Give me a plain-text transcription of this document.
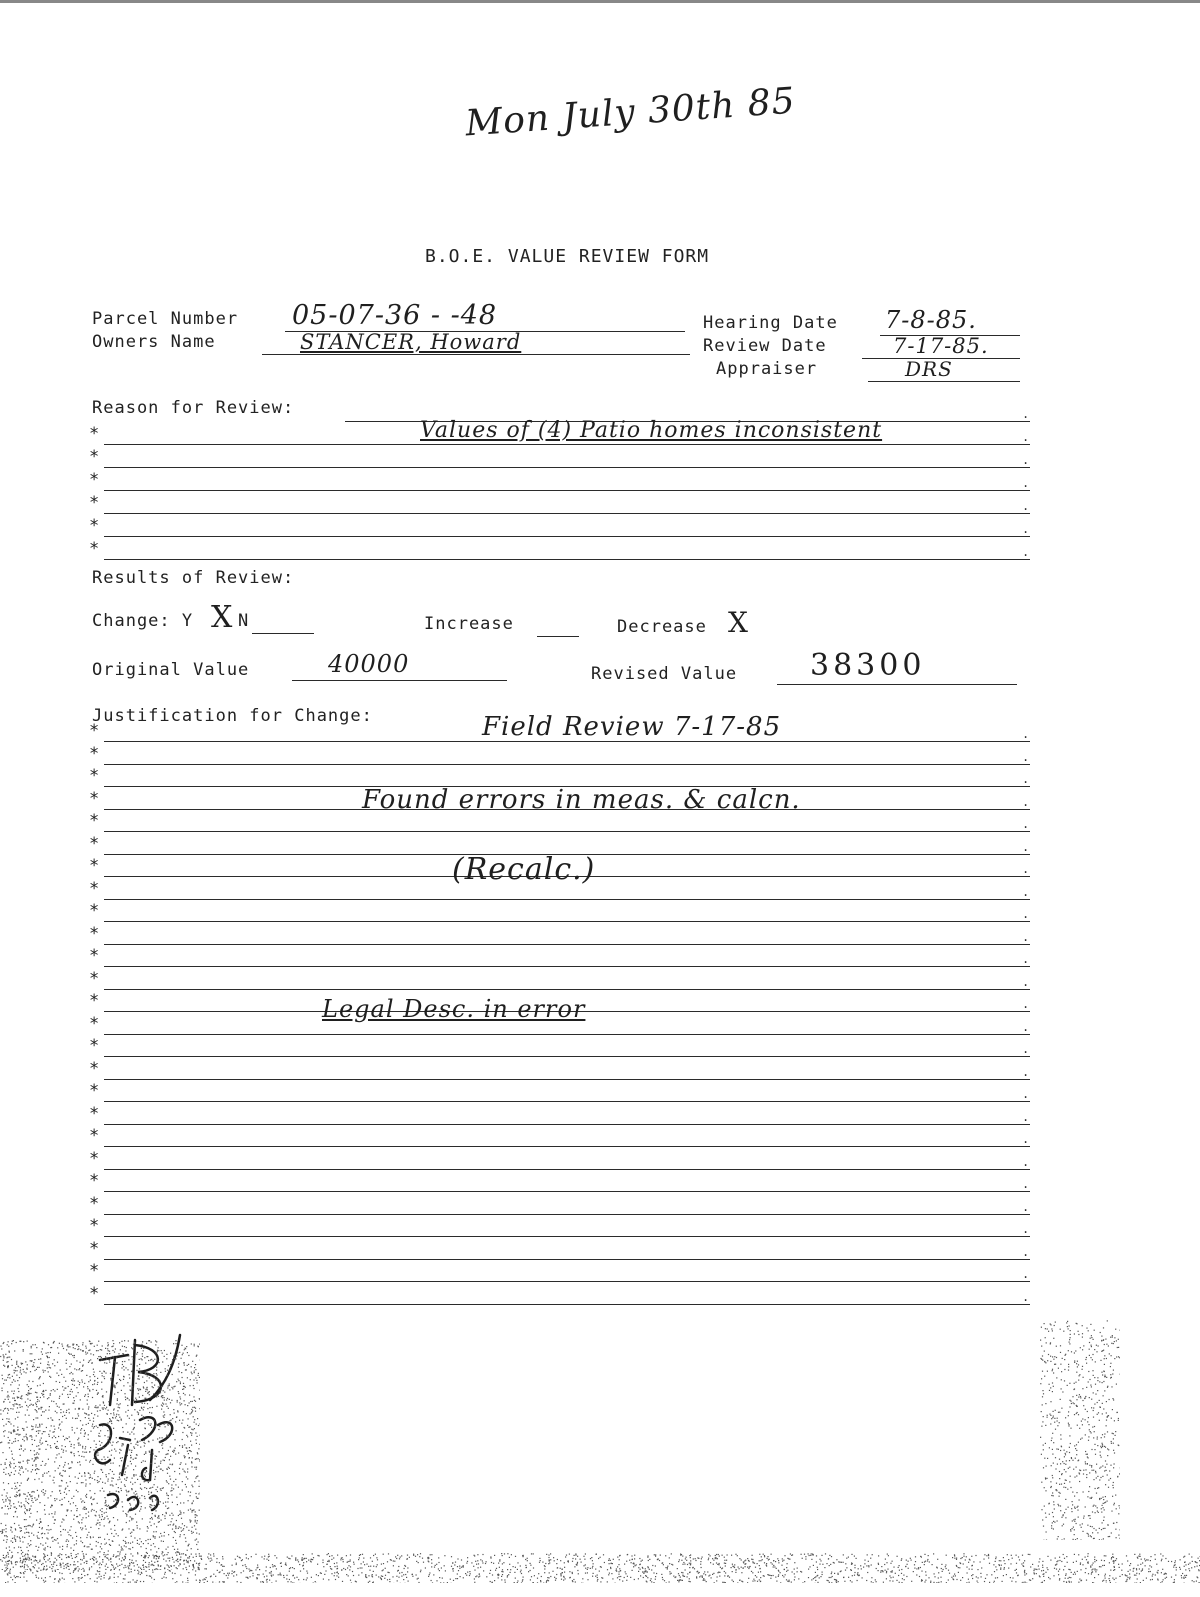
Mon July 30th 85
B.O.E. VALUE REVIEW FORM
Parcel Number 05-07-36 - -48
Owners Name	STANCER, Howard
Hearing Date 7-8-85.
Review Date	7-17-85.
Appraiser	DRS
Reason for Review:	.
*	.
Values of (4) Patio homes inconsistent
*	.
*	.
*	.
*	.
*	.
Results of Review:
Change: Y X N	Increase	Decrease X
Original Value	40000	Revised Value 38300
Justification for Change:	Field Review 7-17-85
*	.
*	.
*	.
*	.
*	.
*	.
*	.
*	.
*	.
*	.
*	.
*	.
*	.
*	.
*	.
*	.
*	.
*	.
*	.
*	.
*	.
*	.
*	.
*	.
*	.
*	.
Found errors in meas. & calcn.
(Recalc.)
Legal Desc. in error
